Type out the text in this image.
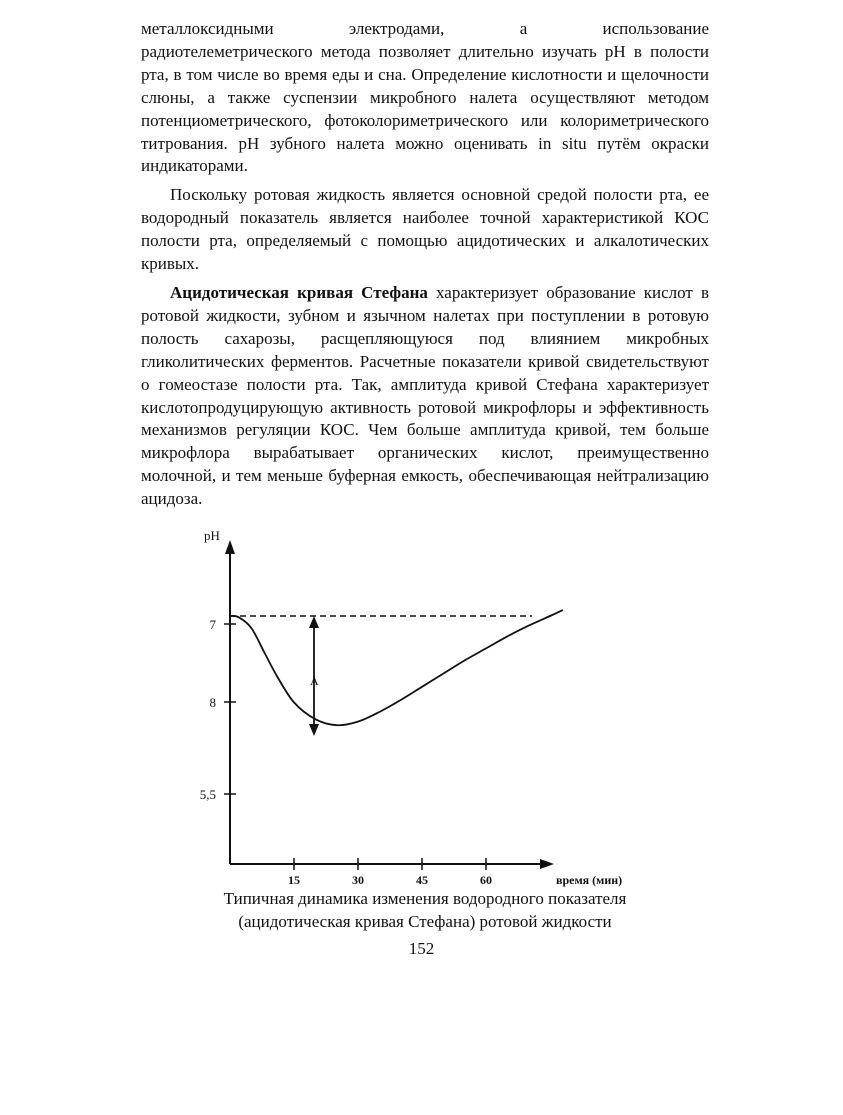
металлоксидными электродами, а использование
радиотелеметрического метода позволяет длительно изучать рН в полости рта, в том числе во время еды и сна. Определение кислотности и щелочности слюны, а также суспензии микробного налета осуществляют методом потенциометрического, фотоколориметрического или колориметрического титрования. рН зубного налета можно оценивать in situ путём окраски индикаторами.

Поскольку ротовая жидкость является основной средой полости рта, ее водородный показатель является наиболее точной характеристикой КОС полости рта, определяемый с помощью ацидотических и алкалотических кривых.

Ацидотическая кривая Стефана характеризует образование кислот в ротовой жидкости, зубном и язычном налетах при поступлении в ротовую полость сахарозы, расщепляющуюся под влиянием микробных гликолитических ферментов. Расчетные показатели кривой свидетельствуют о гомеостазе полости рта. Так, амплитуда кривой Стефана характеризует кислотопродуцирующую активность ротовой микрофлоры и эффективность механизмов регуляции КОС. Чем больше амплитуда кривой, тем больше микрофлора вырабатывает органических кислот, преимущественно молочной, и тем меньше буферная емкость, обеспечивающая нейтрализацию ацидоза.

рН
время (мин)
7
8
5,5
15	30	45	60
A
Типичная динамика изменения водородного показателя
(ацидотическая кривая Стефана) ротовой жидкости
152
